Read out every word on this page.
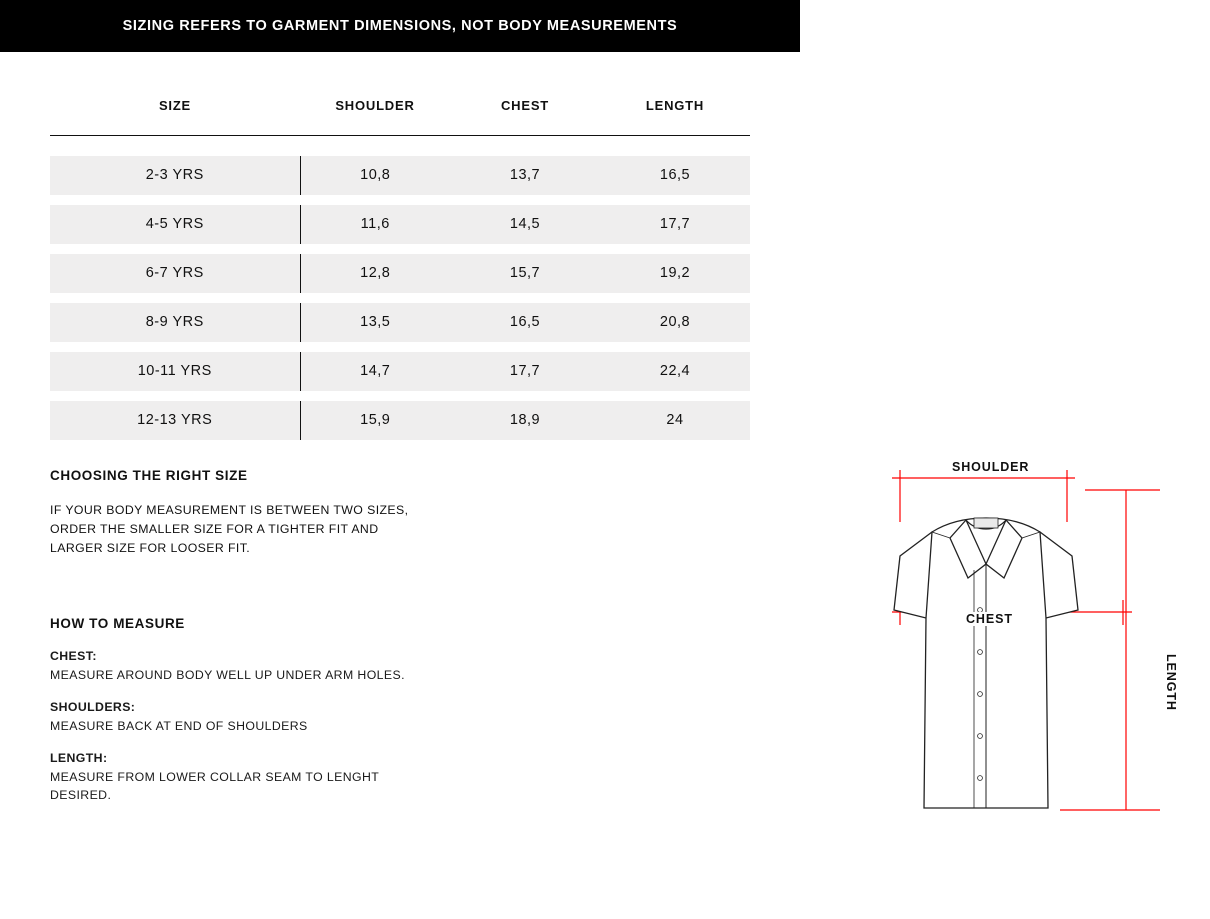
SIZING REFERS TO GARMENT DIMENSIONS, NOT BODY MEASUREMENTS
SIZE	SHOULDER	CHEST	LENGTH

2-3 YRS	10,8	13,7	16,5

4-5 YRS	11,6	14,5	17,7

6-7 YRS	12,8	15,7	19,2

8-9 YRS	13,5	16,5	20,8

10-11 YRS	14,7	17,7	22,4

12-13 YRS	15,9	18,9	24
CHOOSING THE RIGHT SIZE

IF YOUR BODY MEASUREMENT IS BETWEEN TWO SIZES, ORDER THE SMALLER SIZE FOR A TIGHTER FIT AND LARGER SIZE FOR LOOSER FIT.

HOW TO MEASURE

CHEST:

MEASURE AROUND BODY WELL UP UNDER ARM HOLES.

SHOULDERS:

MEASURE BACK AT END OF SHOULDERS

LENGTH:

MEASURE FROM LOWER COLLAR SEAM TO LENGHT DESIRED.

SHOULDER
CHEST
LENGTH
